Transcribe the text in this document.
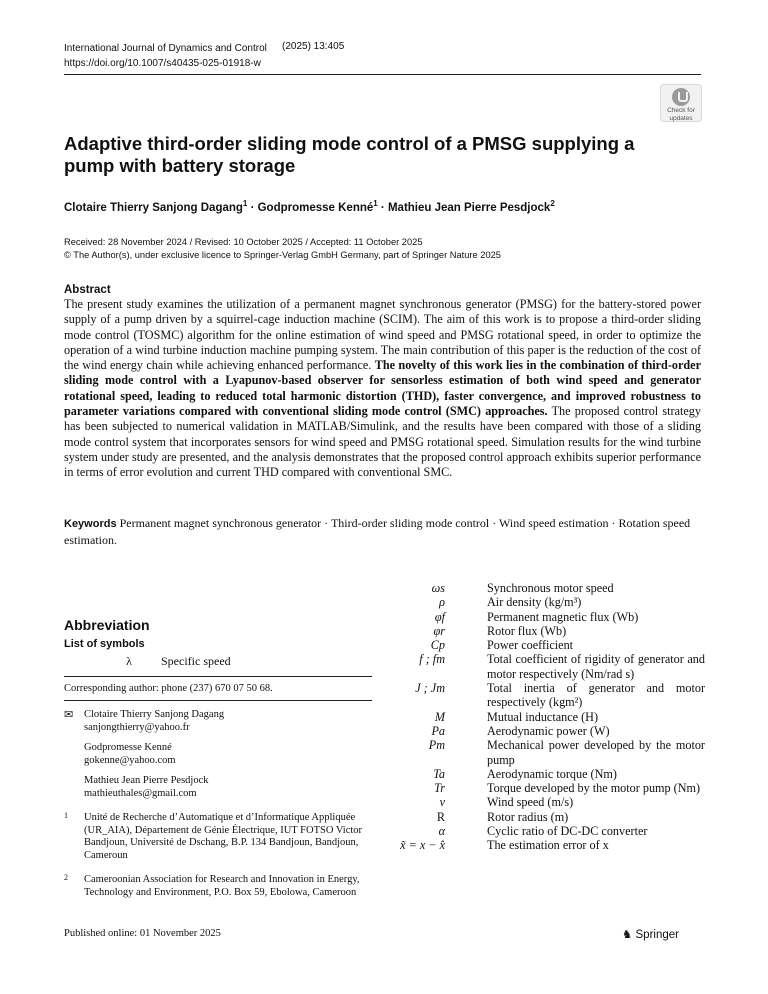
International Journal of Dynamics and Control
https://doi.org/10.1007/s40435-025-01918-w
(2025) 13:405
Check for
updates
Adaptive third-order sliding mode control of a PMSG supplying a pump with battery storage
Clotaire Thierry Sanjong Dagang$^1$ · Godpromesse Kenné$^1$ · Mathieu Jean Pierre Pesdjock$^2$
Received: 28 November 2024 / Revised: 10 October 2025 / Accepted: 11 October 2025
© The Author(s), under exclusive licence to Springer-Verlag GmbH Germany, part of Springer Nature 2025
Abstract
The present study examines the utilization of a permanent magnet synchronous generator (PMSG) for the battery-stored power supply of a pump driven by a squirrel-cage induction machine (SCIM). The aim of this work is to propose a third-order sliding mode control (TOSMC) algorithm for the online estimation of wind speed and PMSG rotational speed, in order to optimize the operation of a wind turbine induction machine pumping system. The main contribution of this paper is the reduction of the cost of the wind energy chain while achieving enhanced performance. The novelty of this work lies in the combination of third-order sliding mode control with a Lyapunov-based observer for sensorless estimation of both wind speed and generator rotational speed, leading to reduced total harmonic distortion (THD), faster convergence, and improved robustness to parameter variations compared with conventional sliding mode control (SMC) approaches. The proposed control strategy has been subjected to numerical validation in MATLAB/Simulink, and the results have been compared with those of a sliding mode control system that incorporates sensors for wind speed and PMSG rotational speed. Simulation results for the wind turbine system under study are presented, and the analysis demonstrates that the proposed control approach exhibits superior performance in terms of error evolution and current THD compared with conventional SMC.
Keywords Permanent magnet synchronous generator · Third-order sliding mode control · Wind speed estimation · Rotation speed estimation.
Abbreviation
List of symbols
λ Specific speed
Corresponding author: phone (237) 670 07 50 68.
✉ Clotaire Thierry Sanjong Dagang
sanjongthierry@yahoo.fr
Godpromesse Kenné
gokenne@yahoo.com
Mathieu Jean Pierre Pesdjock
mathieuthales@gmail.com
1 Unité de Recherche d’Automatique et d’Informatique Appliquée (UR_AIA), Département de Génie Électrique, IUT FOTSO Victor Bandjoun, Université de Dschang, B.P. 134 Bandjoun, Bandjoun, Cameroun
2 Cameroonian Association for Research and Innovation in Energy, Technology and Environment, P.O. Box 59, Ebolowa, Cameroon
ωs	Synchronous motor speed
ρ	Air density (kg/m³)
φf	Permanent magnetic flux (Wb)
φr	Rotor flux (Wb)
Cp	Power coefficient
f ; fm	Total coefficient of rigidity of generator and motor respectively (Nm/rad s)
J ; Jm	Total inertia of generator and motor respectively (kgm²)
M	Mutual inductance (H)
Pa	Aerodynamic power (W)
Pm	Mechanical power developed by the motor pump
Ta	Aerodynamic torque (Nm)
Tr	Torque developed by the motor pump (Nm)
v	Wind speed (m/s)
R	Rotor radius (m)
α	Cyclic ratio of DC-DC converter
x̃ = x − x̂	The estimation error of x
Published online: 01 November 2025	♞ Springer
